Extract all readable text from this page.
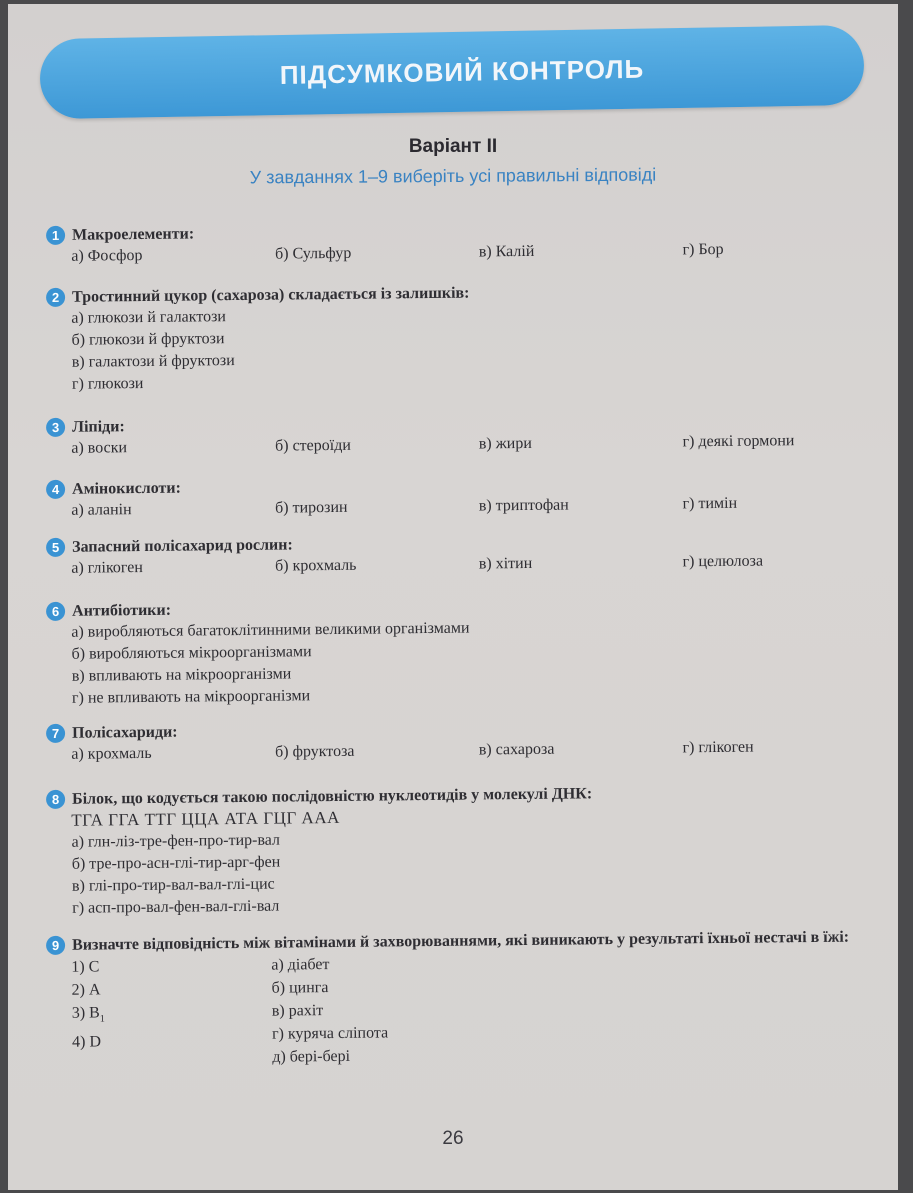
ПІДСУМКОВИЙ КОНТРОЛЬ
Варіант ІІ
У завданнях 1–9 виберіть усі правильні відповіді
1 Макроелементи:
а) Фосфор	б) Сульфур	в) Калій	г) Бор
2 Тростинний цукор (сахароза) складається із залишків:
а) глюкози й галактози
б) глюкози й фруктози
в) галактози й фруктози
г) глюкози
3 Ліпіди:
а) воски	б) стероїди	в) жири	г) деякі гормони
4 Амінокислоти:
а) аланін	б) тирозин	в) триптофан	г) тимін
5 Запасний полісахарид рослин:
а) глікоген	б) крохмаль	в) хітин	г) целюлоза
6 Антибіотики:
а) виробляються багатоклітинними великими організмами
б) виробляються мікроорганізмами
в) впливають на мікроорганізми
г) не впливають на мікроорганізми
7 Полісахариди:
а) крохмаль	б) фруктоза	в) сахароза	г) глікоген
8 Білок, що кодується такою послідовністю нуклеотидів у молекулі ДНК:
ТГА ГГА ТТГ ЦЦА АТА ГЦГ ААА
а) глн-ліз-тре-фен-про-тир-вал
б) тре-про-асн-глі-тир-арг-фен
в) глі-про-тир-вал-вал-глі-цис
г) асп-про-вал-фен-вал-глі-вал
9 Визначте відповідність між вітамінами й захворюваннями, які виникають у результаті їхньої нестачі в їжі:
1) С
2) А
3) $В_1$
4) D
а) діабет
б) цинга
в) рахіт
г) куряча сліпота
д) бері-бері
26
